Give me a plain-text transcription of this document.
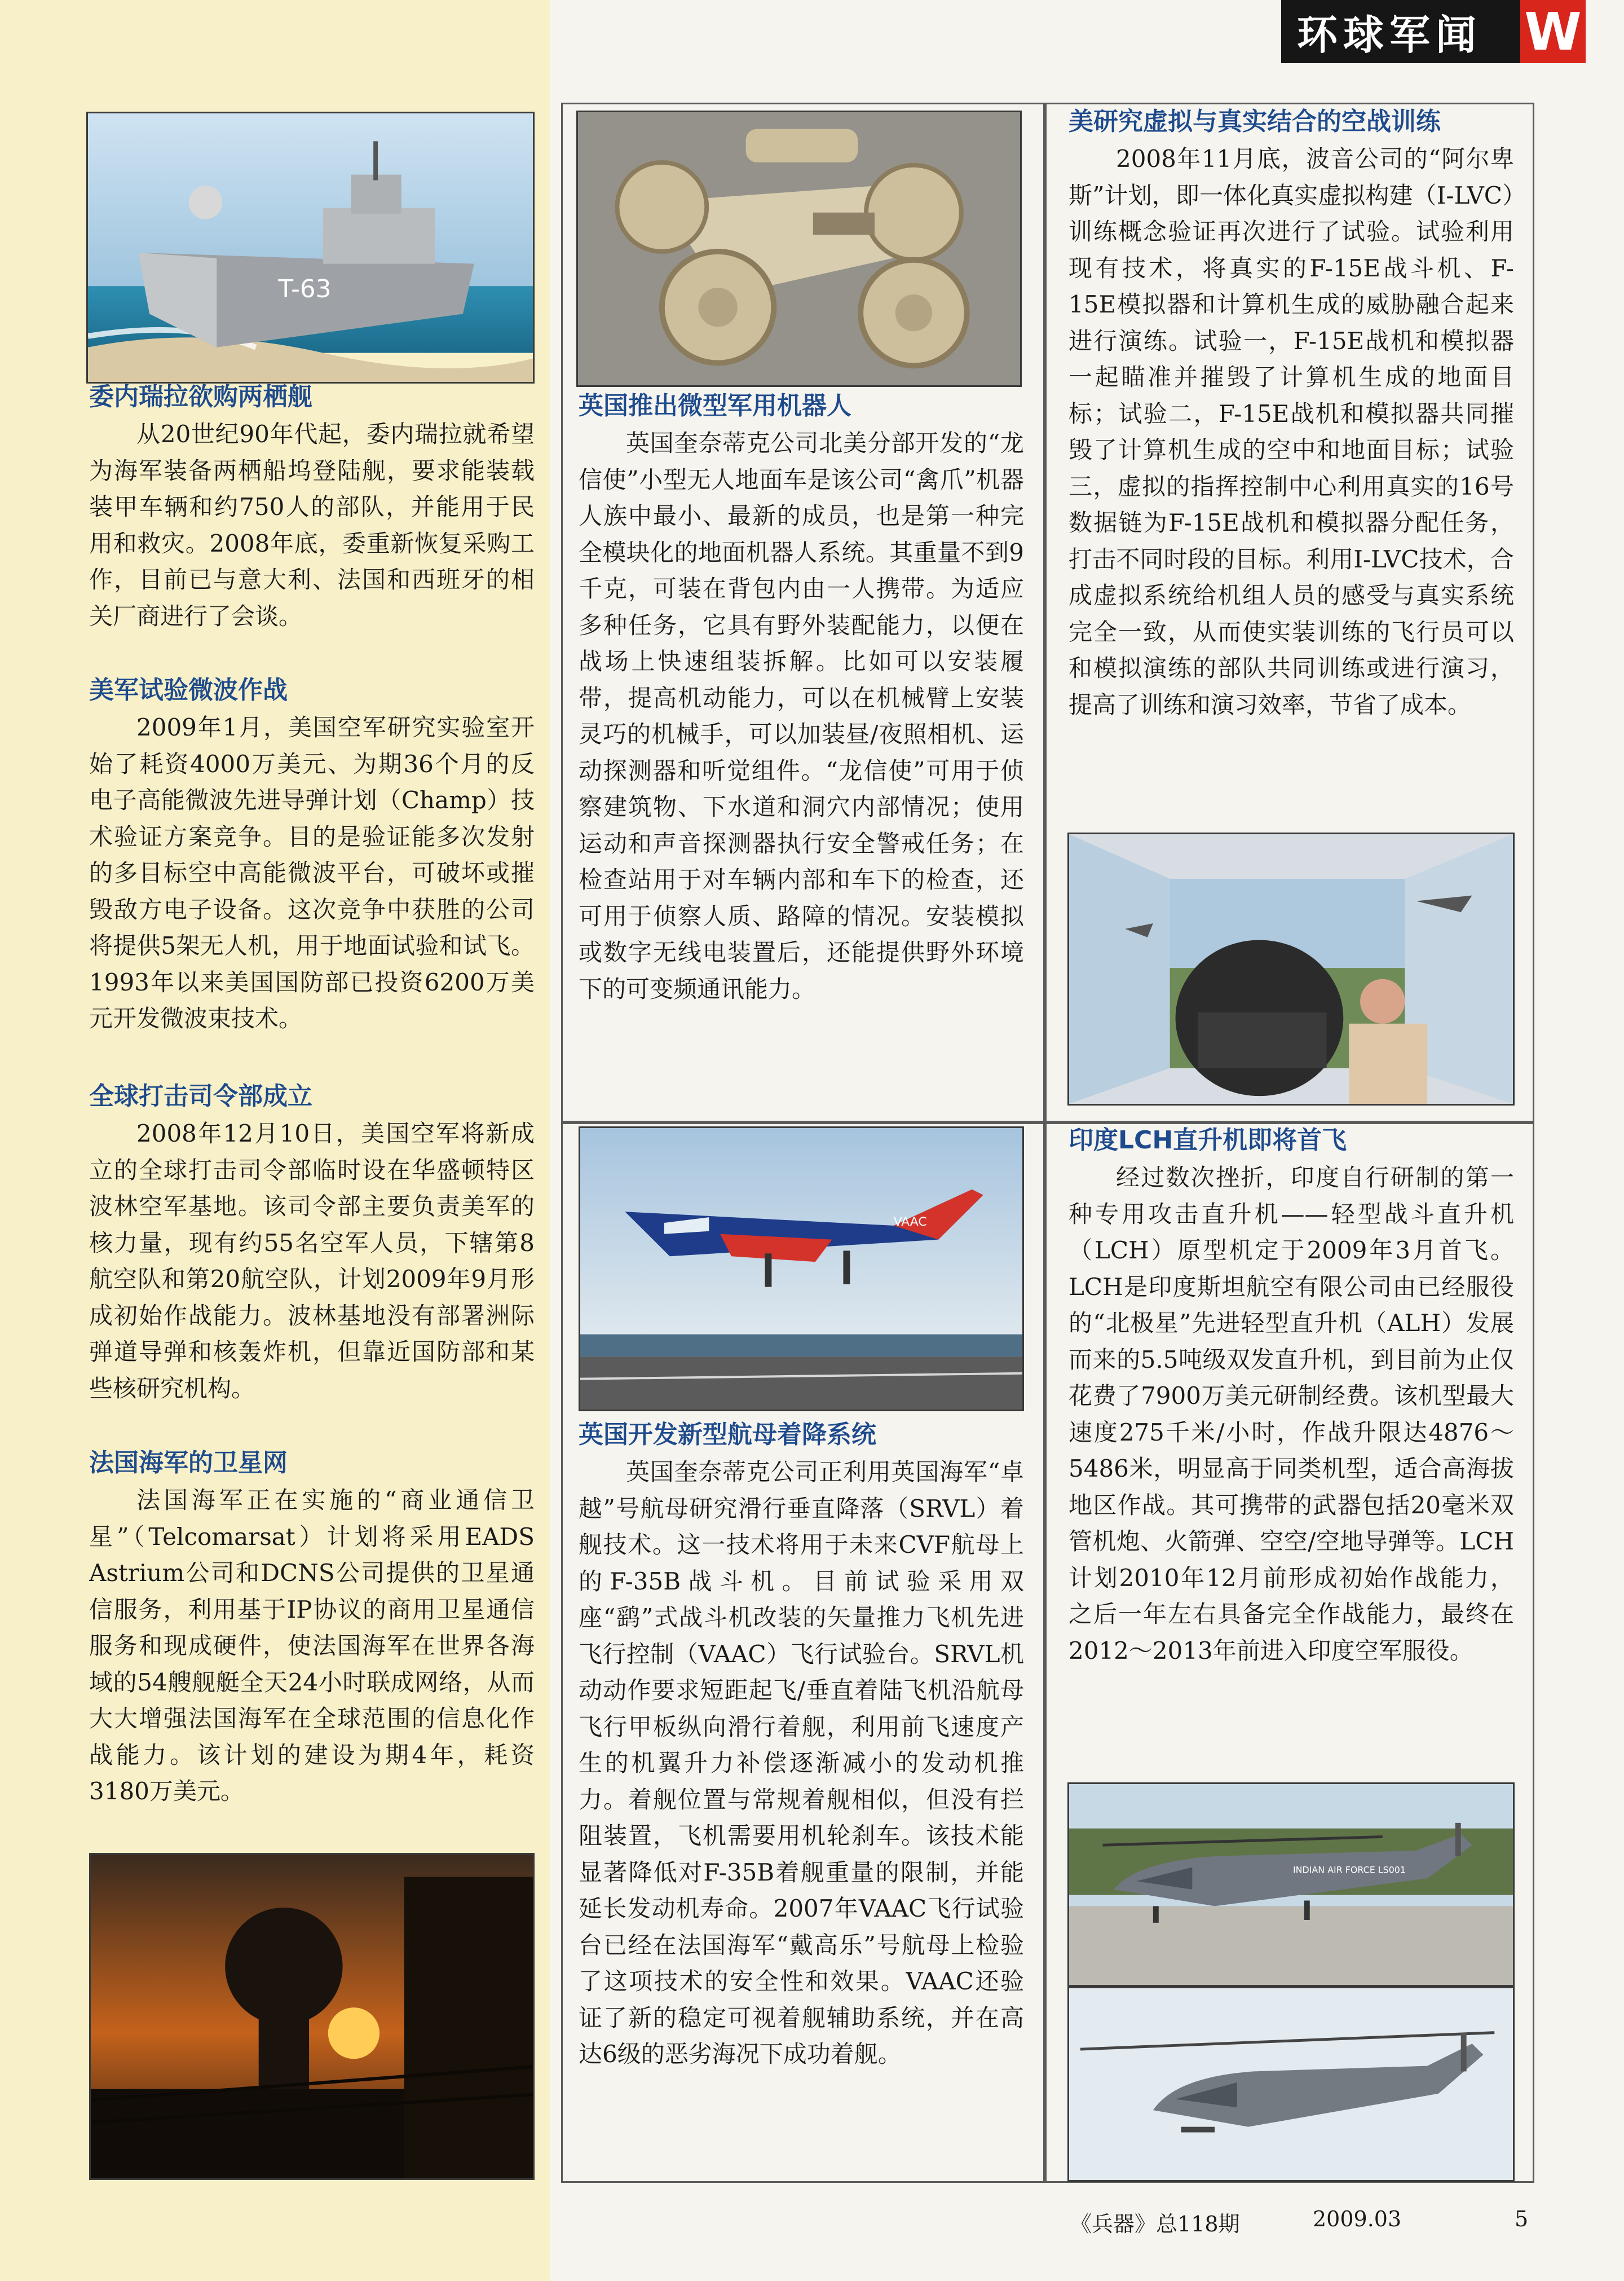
环球军闻 W
T-63
委内瑞拉欲购两栖舰
从20世纪90年代起，委内瑞拉就希望为海军装备两栖船坞登陆舰，要求能装载装甲车辆和约750人的部队，并能用于民用和救灾。2008年底，委重新恢复采购工作，目前已与意大利、法国和西班牙的相关厂商进行了会谈。
美军试验微波作战
2009年1月，美国空军研究实验室开始了耗资4000万美元、为期36个月的反电子高能微波先进导弹计划（Champ）技术验证方案竞争。目的是验证能多次发射的多目标空中高能微波平台，可破坏或摧毁敌方电子设备。这次竞争中获胜的公司将提供5架无人机，用于地面试验和试飞。1993年以来美国国防部已投资6200万美元开发微波束技术。
全球打击司令部成立
2008年12月10日，美国空军将新成立的全球打击司令部临时设在华盛顿特区波林空军基地。该司令部主要负责美军的核力量，现有约55名空军人员，下辖第8航空队和第20航空队，计划2009年9月形成初始作战能力。波林基地没有部署洲际弹道导弹和核轰炸机，但靠近国防部和某些核研究机构。
法国海军的卫星网
法国海军正在实施的“商业通信卫星”（Telcomarsat）计划将采用EADS Astrium公司和DCNS公司提供的卫星通信服务，利用基于IP协议的商用卫星通信服务和现成硬件，使法国海军在世界各海域的54艘舰艇全天24小时联成网络，从而大大增强法国海军在全球范围的信息化作战能力。该计划的建设为期4年，耗资3180万美元。
英国推出微型军用机器人
英国奎奈蒂克公司北美分部开发的“龙信使”小型无人地面车是该公司“禽爪”机器人族中最小、最新的成员，也是第一种完全模块化的地面机器人系统。其重量不到9千克，可装在背包内由一人携带。为适应多种任务，它具有野外装配能力，以便在战场上快速组装拆解。比如可以安装履带，提高机动能力，可以在机械臂上安装灵巧的机械手，可以加装昼/夜照相机、运动探测器和听觉组件。“龙信使”可用于侦察建筑物、下水道和洞穴内部情况；使用运动和声音探测器执行安全警戒任务；在检查站用于对车辆内部和车下的检查，还可用于侦察人质、路障的情况。安装模拟或数字无线电装置后，还能提供野外环境下的可变频通讯能力。
美研究虚拟与真实结合的空战训练
2008年11月底，波音公司的“阿尔卑斯”计划，即一体化真实虚拟构建（I-LVC）训练概念验证再次进行了试验。试验利用现有技术，将真实的F-15E战斗机、F-15E模拟器和计算机生成的威胁融合起来进行演练。试验一，F-15E战机和模拟器一起瞄准并摧毁了计算机生成的地面目标；试验二，F-15E战机和模拟器共同摧毁了计算机生成的空中和地面目标；试验三，虚拟的指挥控制中心利用真实的16号数据链为F-15E战机和模拟器分配任务，打击不同时段的目标。利用I-LVC技术，合成虚拟系统给机组人员的感受与真实系统完全一致，从而使实装训练的飞行员可以和模拟演练的部队共同训练或进行演习，提高了训练和演习效率，节省了成本。
VAAC
英国开发新型航母着降系统
英国奎奈蒂克公司正利用英国海军“卓越”号航母研究滑行垂直降落（SRVL）着舰技术。这一技术将用于未来CVF航母上的F-35B战斗机。目前试验采用双座“鹞”式战斗机改装的矢量推力飞机先进飞行控制（VAAC）飞行试验台。SRVL机动动作要求短距起飞/垂直着陆飞机沿航母飞行甲板纵向滑行着舰，利用前飞速度产生的机翼升力补偿逐渐减小的发动机推力。着舰位置与常规着舰相似，但没有拦阻装置，飞机需要用机轮刹车。该技术能显著降低对F-35B着舰重量的限制，并能延长发动机寿命。2007年VAAC飞行试验台已经在法国海军“戴高乐”号航母上检验了这项技术的安全性和效果。VAAC还验证了新的稳定可视着舰辅助系统，并在高达6级的恶劣海况下成功着舰。
印度LCH直升机即将首飞
经过数次挫折，印度自行研制的第一种专用攻击直升机——轻型战斗直升机（LCH）原型机定于2009年3月首飞。LCH是印度斯坦航空有限公司由已经服役的“北极星”先进轻型直升机（ALH）发展而来的5.5吨级双发直升机，到目前为止仅花费了7900万美元研制经费。该机型最大速度275千米/小时，作战升限达4876～5486米，明显高于同类机型，适合高海拔地区作战。其可携带的武器包括20毫米双管机炮、火箭弹、空空/空地导弹等。LCH计划2010年12月前形成初始作战能力，之后一年左右具备完全作战能力，最终在2012～2013年前进入印度空军服役。
INDIAN AIR FORCE LS001
《兵器》总118期	2009.03	5
